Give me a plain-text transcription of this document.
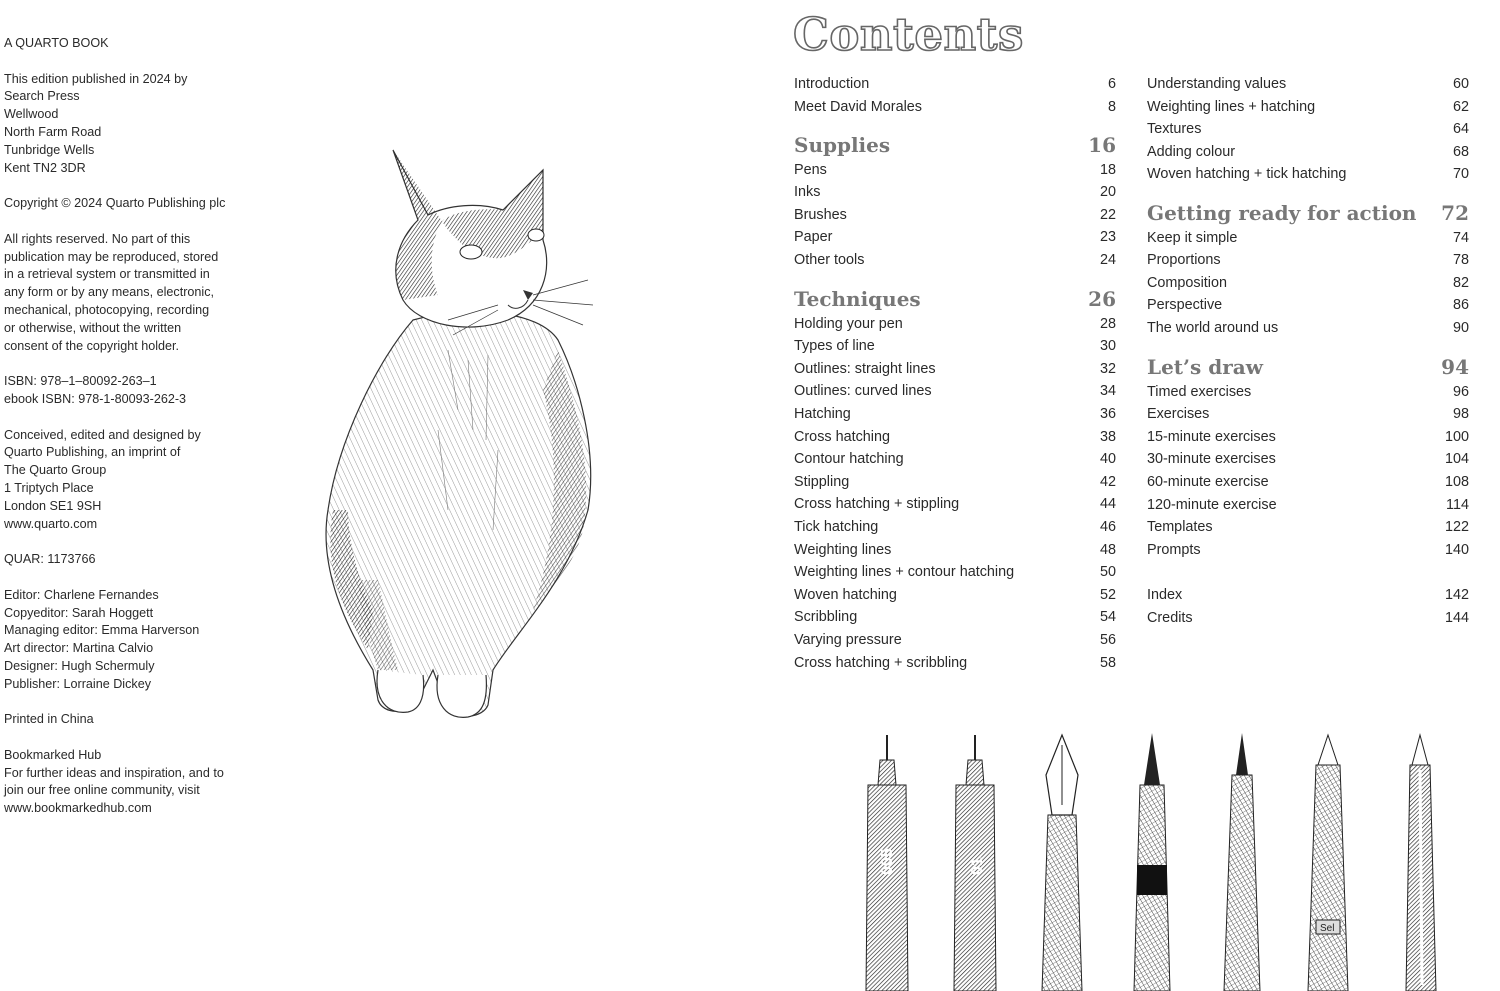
A QUARTO BOOK
This edition published in 2024 by
Search Press
Wellwood
North Farm Road
Tunbridge Wells
Kent TN2 3DR
Copyright © 2024 Quarto Publishing plc
All rights reserved. No part of this
publication may be reproduced, stored
in a retrieval system or transmitted in
any form or by any means, electronic,
mechanical, photocopying, recording
or otherwise, without the written
consent of the copyright holder.
ISBN: 978–1–80092-263–1
ebook ISBN: 978-1-80093-262-3
Conceived, edited and designed by
Quarto Publishing, an imprint of
The Quarto Group
1 Triptych Place
London SE1 9SH
www.quarto.com
QUAR: 1173766
Editor: Charlene Fernandes
Copyeditor: Sarah Hoggett
Managing editor: Emma Harverson
Art director: Martina Calvio
Designer: Hugh Schermuly
Publisher: Lorraine Dickey
Printed in China
Bookmarked Hub
For further ideas and inspiration, and to
join our free online community, visit
www.bookmarkedhub.com
Contents
Introduction	6
Meet David Morales	8
Supplies	16
Pens	18
Inks	20
Brushes	22
Paper	23
Other tools	24
Techniques	26
Holding your pen	28
Types of line	30
Outlines: straight lines	32
Outlines: curved lines	34
Hatching	36
Cross hatching	38
Contour hatching	40
Stippling	42
Cross hatching + stippling	44
Tick hatching	46
Weighting lines	48
Weighting lines + contour hatching	50
Woven hatching	52
Scribbling	54
Varying pressure	56
Cross hatching + scribbling	58
Understanding values	60
Weighting lines + hatching	62
Textures	64
Adding colour	68
Woven hatching + tick hatching	70
Getting ready for action 72
Keep it simple	74
Proportions	78
Composition	82
Perspective	86
The world around us	90
Let’s draw	94
Timed exercises	96
Exercises	98
15-minute exercises	100
30-minute exercises	104
60-minute exercise	108
120-minute exercise	114
Templates	122
Prompts	140
Index	142
Credits	144
005	01
Sel
